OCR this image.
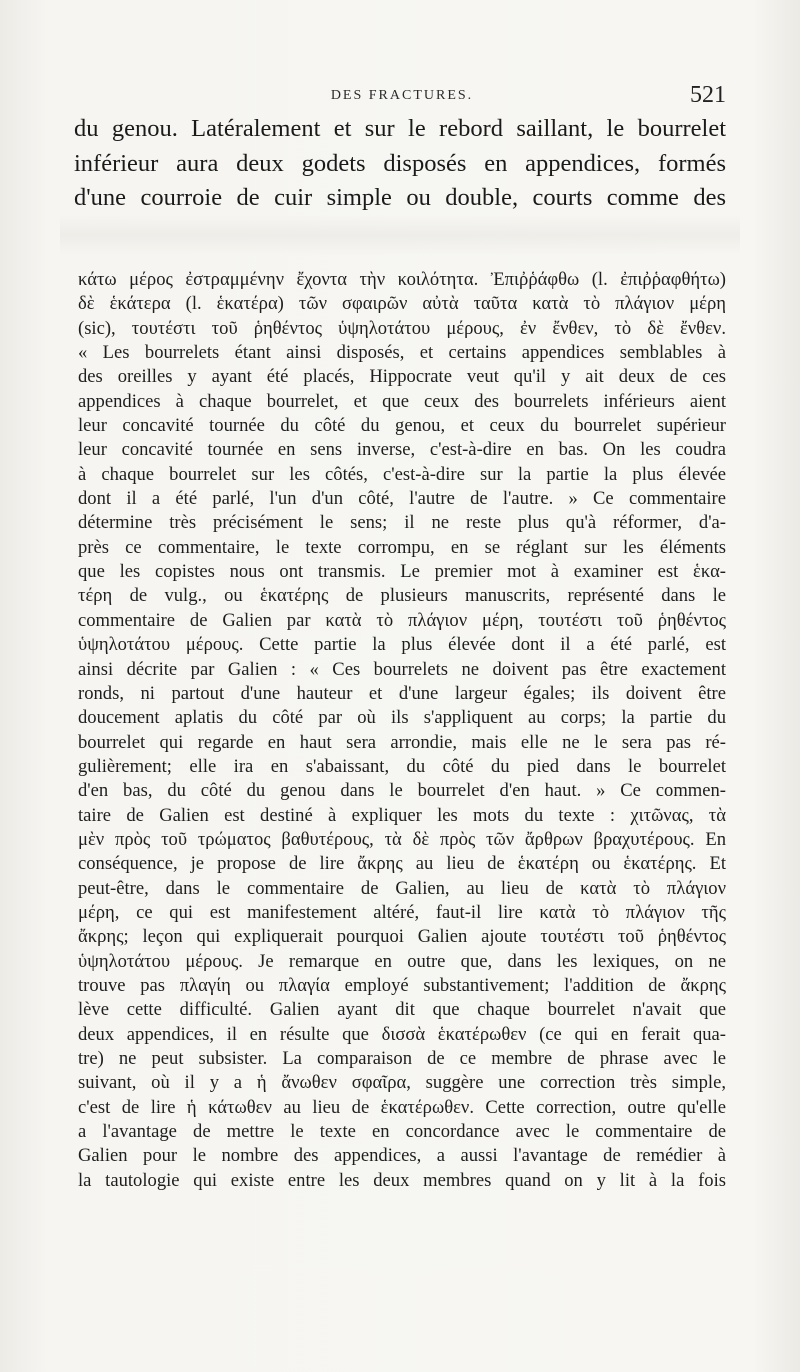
DES FRACTURES.	521

du genou. Latéralement et sur le rebord saillant, le bourrelet

inférieur aura deux godets disposés en appendices, formés

d'une courroie de cuir simple ou double, courts comme des

κάτω μέρος ἐστραμμένην ἔχοντα τὴν κοιλότητα. Ἐπιῤῥάφθω (l. ἐπιῤῥαφθήτω)

δὲ ἑκάτερα (l. ἑκατέρα) τῶν σφαιρῶν αὐτὰ ταῦτα κατὰ τὸ πλάγιον μέρη

(sic), τουτέστι τοῦ ῥηθέντος ὑψηλοτάτου μέρους, ἐν ἔνθεν, τὸ δὲ ἔνθεν.

« Les bourrelets étant ainsi disposés, et certains appendices semblables à

des oreilles y ayant été placés, Hippocrate veut qu'il y ait deux de ces

appendices à chaque bourrelet, et que ceux des bourrelets inférieurs aient

leur concavité tournée du côté du genou, et ceux du bourrelet supérieur

leur concavité tournée en sens inverse, c'est-à-dire en bas. On les coudra

à chaque bourrelet sur les côtés, c'est-à-dire sur la partie la plus élevée

dont il a été parlé, l'un d'un côté, l'autre de l'autre. » Ce commentaire

détermine très précisément le sens; il ne reste plus qu'à réformer, d'a-

près ce commentaire, le texte corrompu, en se réglant sur les éléments

que les copistes nous ont transmis. Le premier mot à examiner est ἑκα-

τέρη de vulg., ou ἑκατέρης de plusieurs manuscrits, représenté dans le

commentaire de Galien par κατὰ τὸ πλάγιον μέρη, τουτέστι τοῦ ῥηθέντος

ὑψηλοτάτου μέρους. Cette partie la plus élevée dont il a été parlé, est

ainsi décrite par Galien : « Ces bourrelets ne doivent pas être exactement

ronds, ni partout d'une hauteur et d'une largeur égales; ils doivent être

doucement aplatis du côté par où ils s'appliquent au corps; la partie du

bourrelet qui regarde en haut sera arrondie, mais elle ne le sera pas ré-

gulièrement; elle ira en s'abaissant, du côté du pied dans le bourrelet

d'en bas, du côté du genou dans le bourrelet d'en haut. » Ce commen-

taire de Galien est destiné à expliquer les mots du texte : χιτῶνας, τὰ

μὲν πρὸς τοῦ τρώματος βαθυτέρους, τὰ δὲ πρὸς τῶν ἄρθρων βραχυτέρους. En

conséquence, je propose de lire ἄκρης au lieu de ἑκατέρη ou ἑκατέρης. Et

peut-être, dans le commentaire de Galien, au lieu de κατὰ τὸ πλάγιον

μέρη, ce qui est manifestement altéré, faut-il lire κατὰ τὸ πλάγιον τῆς

ἄκρης; leçon qui expliquerait pourquoi Galien ajoute τουτέστι τοῦ ῥηθέντος

ὑψηλοτάτου μέρους. Je remarque en outre que, dans les lexiques, on ne

trouve pas πλαγίη ou πλαγία employé substantivement; l'addition de ἄκρης

lève cette difficulté. Galien ayant dit que chaque bourrelet n'avait que

deux appendices, il en résulte que δισσὰ ἑκατέρωθεν (ce qui en ferait qua-

tre) ne peut subsister. La comparaison de ce membre de phrase avec le

suivant, où il y a ἡ ἄνωθεν σφαῖρα, suggère une correction très simple,

c'est de lire ἡ κάτωθεν au lieu de ἑκατέρωθεν. Cette correction, outre qu'elle

a l'avantage de mettre le texte en concordance avec le commentaire de

Galien pour le nombre des appendices, a aussi l'avantage de remédier à

la tautologie qui existe entre les deux membres quand on y lit à la fois
